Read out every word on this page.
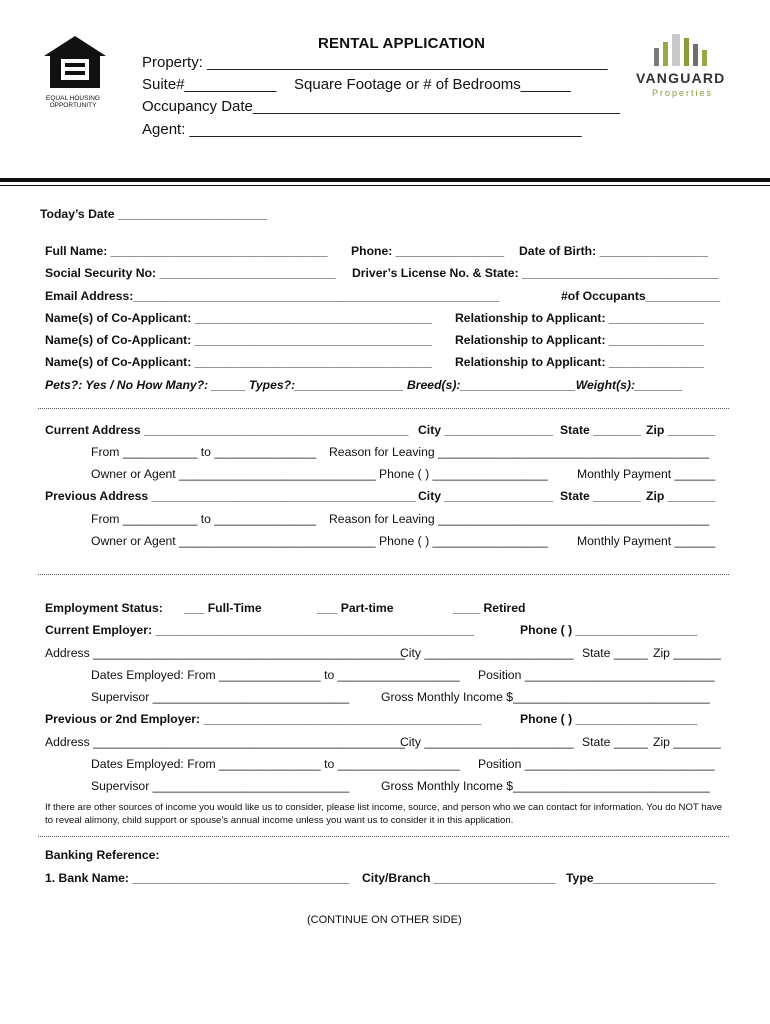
EQUAL HOUSING
OPPORTUNITY
RENTAL APPLICATION
Property: ________________________________________________
Suite#___________ Square Footage or # of Bedrooms______
Occupancy Date____________________________________________
Agent: _______________________________________________
VANGUARD
Properties
Today’s Date ______________________
Full Name: ________________________________ Phone: ________________ Date of Birth: ________________
Social Security No: __________________________ Driver’s License No. & State: _____________________________
Email Address:______________________________________________________	#of Occupants___________
Name(s) of Co-Applicant: ___________________________________ Relationship to Applicant: ______________
Name(s) of Co-Applicant: ___________________________________ Relationship to Applicant: ______________
Name(s) of Co-Applicant: ___________________________________ Relationship to Applicant: ______________
Pets?: Yes / No How Many?: _____ Types?:________________ Breed(s):_________________Weight(s):_______
Current Address _______________________________________ City ________________ State _______ Zip _______
From ___________ to _______________ Reason for Leaving ________________________________________
Owner or Agent _____________________________ Phone ( ) _________________ Monthly Payment ______
Previous Address _______________________________________ City ________________ State _______ Zip _______
From ___________ to _______________ Reason for Leaving ________________________________________
Owner or Agent _____________________________ Phone ( ) _________________ Monthly Payment ______
Employment Status: ___ Full-Time	___ Part-time	____ Retired
Current Employer: _______________________________________________	Phone ( ) __________________
Address ______________________________________________
City ______________________ State _____ Zip _______
Dates Employed: From _______________ to __________________ Position ____________________________
Supervisor _____________________________	Gross Monthly Income $_____________________________
Previous or 2nd Employer: _________________________________________	Phone ( ) __________________
Address ______________________________________________
City ______________________ State _____ Zip _______
Dates Employed: From _______________ to __________________ Position ____________________________
Supervisor _____________________________	Gross Monthly Income $_____________________________
If there are other sources of income you would like us to consider, please list income, source, and person who we can contact for information. You do NOT have to reveal alimony, child support or spouse’s annual income unless you want us to consider it in this application.
Banking Reference:
1. Bank Name: ________________________________ City/Branch __________________ Type__________________
(CONTINUE ON OTHER SIDE)
